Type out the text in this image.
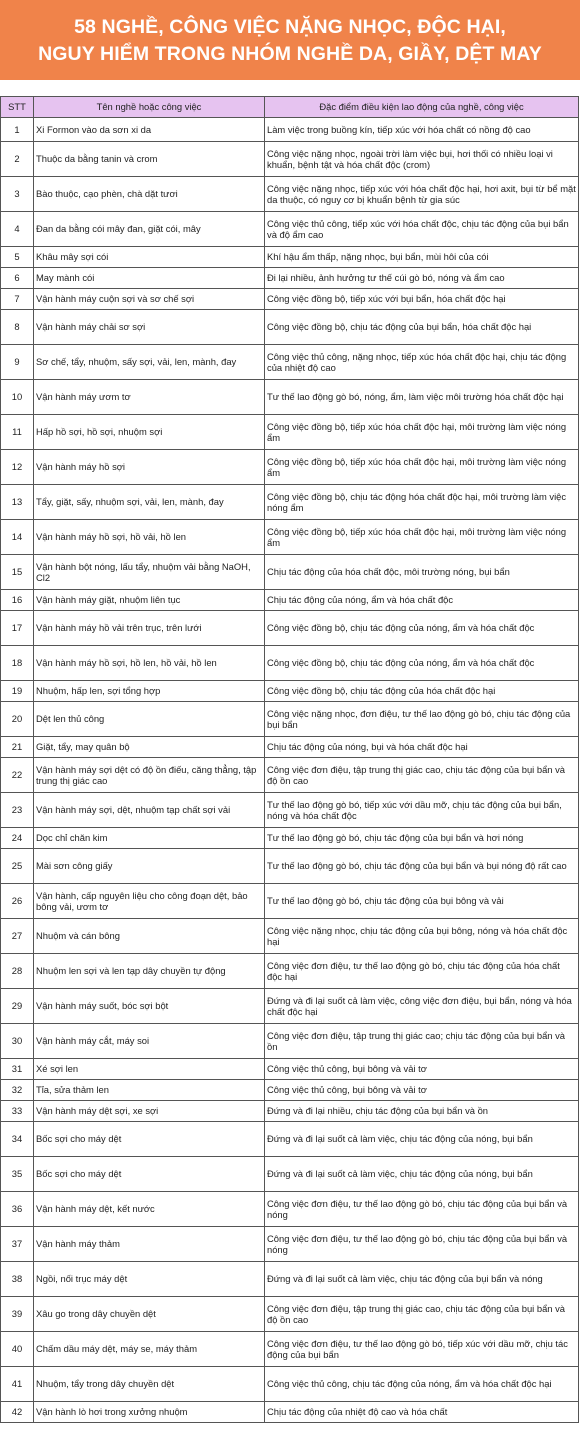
58 NGHỀ, CÔNG VIỆC NẶNG NHỌC, ĐỘC HẠI,
NGUY HIỂM TRONG NHÓM NGHỀ DA, GIẦY, DỆT MAY
STT	Tên nghề hoặc công việc	Đặc điểm điều kiện lao động của nghề, công việc
1	Xi Formon vào da sơn xi da	Làm việc trong buồng kín, tiếp xúc với hóa chất có nồng độ cao
2	Thuộc da bằng tanin và crom	Công việc nặng nhọc, ngoài trời làm việc bụi, hơi thối có nhiều loại vi khuẩn, bệnh tật và hóa chất độc (crom)
3	Bào thuộc, cạo phèn, chà dặt tươi	Công việc nặng nhọc, tiếp xúc với hóa chất độc hại, hơi axit, bụi từ bể mặt da thuộc, có nguy cơ bị khuẩn bệnh từ gia súc
4	Đan da bằng cói mây đan, giặt cói, mây	Công việc thủ công, tiếp xúc với hóa chất độc, chịu tác động của bụi bẩn và độ ẩm cao
5	Khâu mây sợi cói	Khí hậu ẩm thấp, nặng nhọc, bụi bẩn, mùi hôi của cói
6	May mành cói	Đi lại nhiều, ảnh hưởng tư thế cúi gò bó, nóng và ẩm cao
7	Vận hành máy cuộn sợi và sơ chế sợi	Công việc đồng bộ, tiếp xúc với bụi bẩn, hóa chất độc hại
8	Vận hành máy chải sơ sợi	Công việc đồng bộ, chịu tác động của bụi bẩn, hóa chất độc hại
9	Sơ chế, tẩy, nhuộm, sấy sợi, vải, len, mành, đay	Công việc thủ công, nặng nhọc, tiếp xúc hóa chất độc hại, chịu tác động của nhiệt độ cao
10	Vận hành máy ươm tơ	Tư thế lao động gò bó, nóng, ẩm, làm việc môi trường hóa chất độc hại
11	Hấp hồ sợi, hồ sợi, nhuộm sợi	Công việc đồng bộ, tiếp xúc hóa chất độc hại, môi trường làm việc nóng ẩm
12	Vận hành máy hồ sợi	Công việc đồng bộ, tiếp xúc hóa chất độc hại, môi trường làm việc nóng ẩm
13	Tẩy, giặt, sấy, nhuộm sợi, vải, len, mành, đay	Công việc đồng bộ, chịu tác động hóa chất độc hại, môi trường làm việc nóng ẩm
14	Vận hành máy hồ sợi, hồ vải, hồ len	Công việc đồng bộ, tiếp xúc hóa chất độc hại, môi trường làm việc nóng ẩm
15	Vận hành bột nóng, lấu tẩy, nhuộm vải bằng NaOH, Cl2	Chịu tác động của hóa chất độc, môi trường nóng, bụi bẩn
16	Vận hành máy giặt, nhuộm liên tục	Chịu tác động của nóng, ẩm và hóa chất độc
17	Vận hành máy hồ vải trên trục, trên lưới	Công việc đồng bộ, chịu tác động của nóng, ẩm và hóa chất độc
18	Vận hành máy hồ sợi, hồ len, hồ vải, hồ len	Công việc đồng bộ, chịu tác động của nóng, ẩm và hóa chất độc
19	Nhuộm, hấp len, sợi tổng hợp	Công việc đồng bộ, chịu tác động của hóa chất độc hại
20	Dệt len thủ công	Công việc nặng nhọc, đơn điệu, tư thế lao động gò bó, chịu tác động của bụi bẩn
21	Giặt, tẩy, may quân bộ	Chịu tác động của nóng, bụi và hóa chất độc hại
22	Vận hành máy sợi dệt có độ ồn điếu, căng thẳng, tập trung thị giác cao	Công việc đơn điệu, tập trung thị giác cao, chịu tác động của bụi bẩn và độ ồn cao
23	Vận hành máy sợi, dệt, nhuộm tạp chất sợi vải	Tư thế lao động gò bó, tiếp xúc với dầu mỡ, chịu tác động của bụi bẩn, nóng và hóa chất độc
24	Dọc chỉ chăn kim	Tư thế lao động gò bó, chịu tác động của bụi bẩn và hơi nóng
25	Mài sơn công giấy	Tư thế lao động gò bó, chịu tác động của bụi bẩn và bụi nóng độ rất cao
26	Vận hành, cấp nguyên liệu cho công đoạn dệt, bảo bông vải, ươm tơ	Tư thế lao động gò bó, chịu tác động của bụi bông và vải
27	Nhuộm và cán bông	Công việc nặng nhọc, chịu tác động của bụi bông, nóng và hóa chất độc hại
28	Nhuộm len sợi và len tạp dây chuyền tự động	Công việc đơn điệu, tư thế lao động gò bó, chịu tác động của hóa chất độc hại
29	Vận hành máy suốt, bóc sợi bột	Đứng và đi lại suốt cả làm việc, công việc đơn điệu, bụi bẩn, nóng và hóa chất độc hại
30	Vận hành máy cắt, máy soi	Công việc đơn điệu, tập trung thị giác cao; chịu tác động của bụi bẩn và ồn
31	Xé sợi len	Công việc thủ công, bụi bông và vải tơ
32	Tỉa, sửa thảm len	Công việc thủ công, bụi bông và vải tơ
33	Vận hành máy dệt sợi, xe sợi	Đứng và đi lại nhiều, chịu tác động của bụi bẩn và ồn
34	Bốc sợi cho máy dệt	Đứng và đi lại suốt cả làm việc, chịu tác động của nóng, bụi bẩn
35	Bốc sợi cho máy dệt	Đứng và đi lại suốt cả làm việc, chịu tác động của nóng, bụi bẩn
36	Vận hành máy dệt, kết nước	Công việc đơn điệu, tư thế lao động gò bó, chịu tác động của bụi bẩn và nóng
37	Vận hành máy thảm	Công việc đơn điệu, tư thế lao động gò bó, chịu tác động của bụi bẩn và nóng
38	Ngồi, nối trục máy dệt	Đứng và đi lại suốt cả làm việc, chịu tác động của bụi bẩn và nóng
39	Xâu go trong dây chuyền dệt	Công việc đơn điệu, tập trung thị giác cao, chịu tác động của bụi bẩn và độ ồn cao
40	Chấm dầu máy dệt, máy se, máy thảm	Công việc đơn điệu, tư thế lao động gò bó, tiếp xúc với dầu mỡ, chịu tác động của bụi bẩn
41	Nhuộm, tẩy trong dây chuyền dệt	Công việc thủ công, chịu tác động của nóng, ẩm và hóa chất độc hại
42	Vận hành lò hơi trong xưởng nhuộm	Chịu tác động của nhiệt độ cao và hóa chất
